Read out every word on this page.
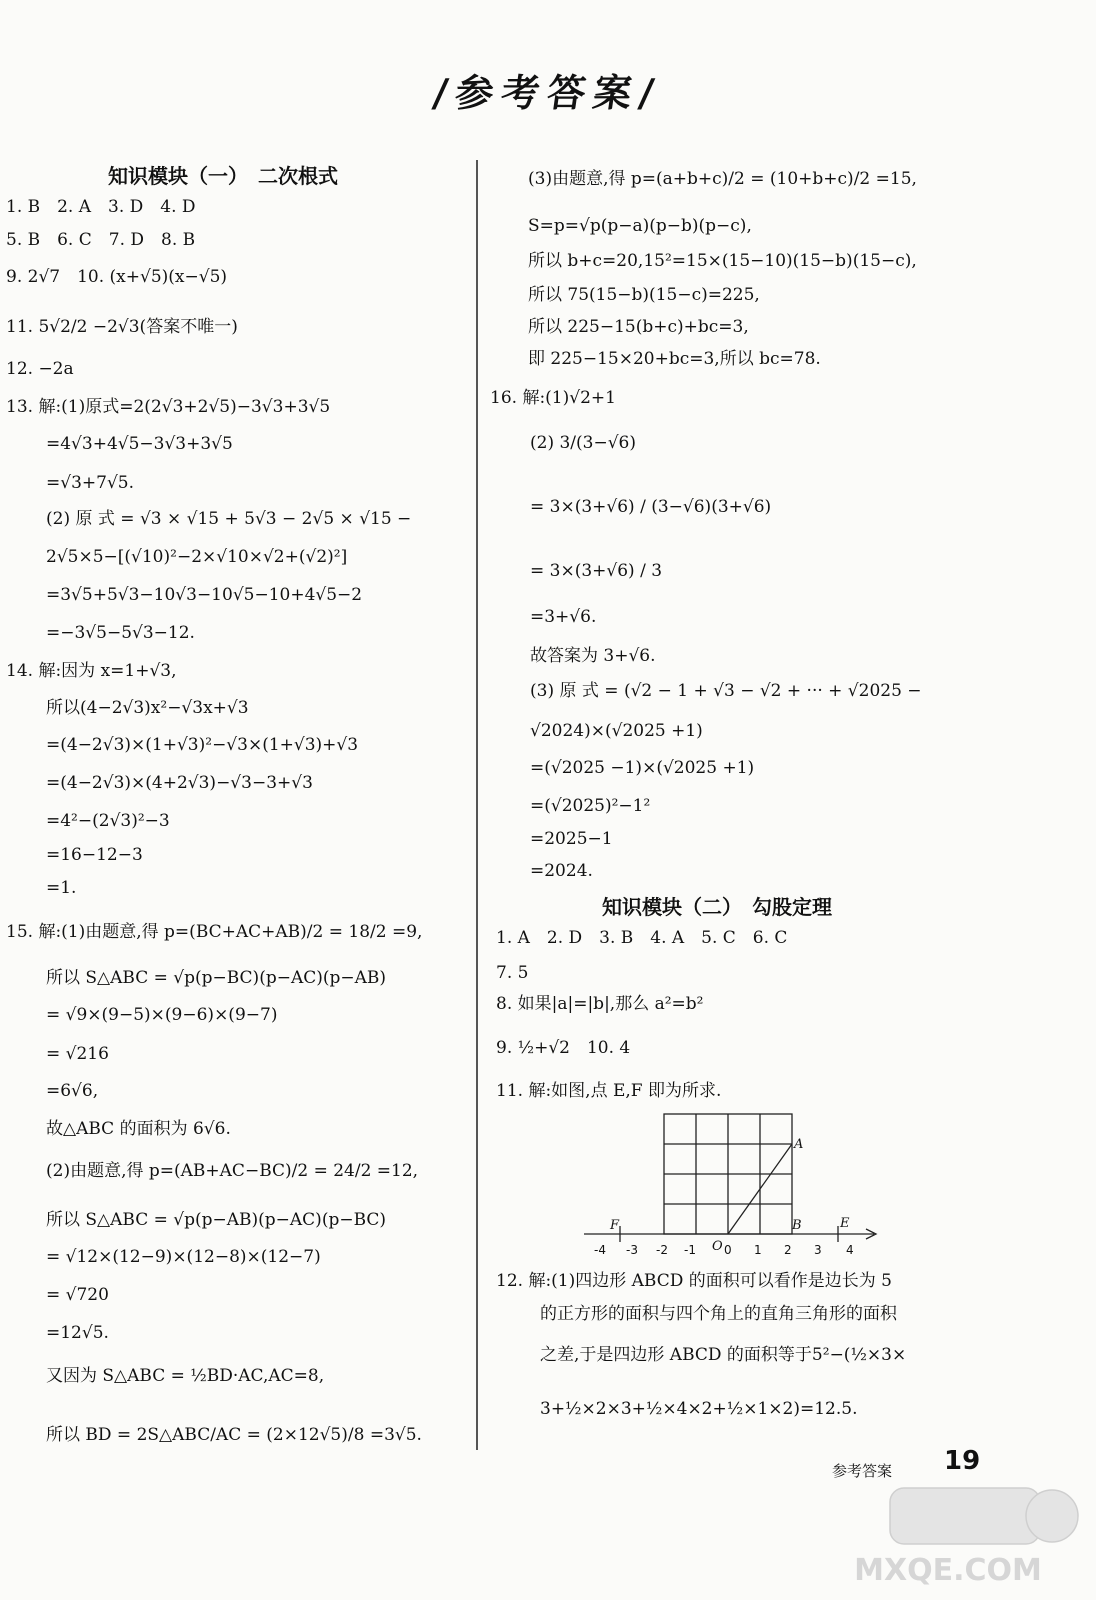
/参考答案/
知识模块（一）　二次根式
知识模块（二）　勾股定理
1. B　2. A　3. D　4. D
5. B　6. C　7. D　8. B
9. 2√7　10. (x+√5)(x−√5)
11. 5√2/2 −2√3(答案不唯一)
12. −2a
13. 解:(1)原式=2(2√3+2√5)−3√3+3√5
=4√3+4√5−3√3+3√5
=√3+7√5.
(2) 原 式 = √3 × √15 + 5√3 − 2√5 × √15 −
2√5×5−[(√10)²−2×√10×√2+(√2)²]
=3√5+5√3−10√3−10√5−10+4√5−2
=−3√5−5√3−12.
14. 解:因为 x=1+√3,
所以(4−2√3)x²−√3x+√3
=(4−2√3)×(1+√3)²−√3×(1+√3)+√3
=(4−2√3)×(4+2√3)−√3−3+√3
=4²−(2√3)²−3
=16−12−3
=1.
15. 解:(1)由题意,得 p=(BC+AC+AB)/2 = 18/2 =9,
所以 S△ABC = √p(p−BC)(p−AC)(p−AB)
= √9×(9−5)×(9−6)×(9−7)
= √216
=6√6,
故△ABC 的面积为 6√6.
(2)由题意,得 p=(AB+AC−BC)/2 = 24/2 =12,
所以 S△ABC = √p(p−AB)(p−AC)(p−BC)
= √12×(12−9)×(12−8)×(12−7)
= √720
=12√5.
又因为 S△ABC = ½BD·AC,AC=8,
所以 BD = 2S△ABC/AC = (2×12√5)/8 =3√5.
(3)由题意,得 p=(a+b+c)/2 = (10+b+c)/2 =15,
S=p=√p(p−a)(p−b)(p−c),
所以 b+c=20,15²=15×(15−10)(15−b)(15−c),
所以 75(15−b)(15−c)=225,
所以 225−15(b+c)+bc=3,
即 225−15×20+bc=3,所以 bc=78.
16. 解:(1)√2+1
(2) 3/(3−√6)
= 3×(3+√6) / (3−√6)(3+√6)
= 3×(3+√6) / 3
=3+√6.
故答案为 3+√6.
(3) 原 式 = (√2 − 1 + √3 − √2 + ··· + √2025 −
√2024)×(√2025 +1)
=(√2025 −1)×(√2025 +1)
=(√2025)²−1²
=2025−1
=2024.
1. A　2. D　3. B　4. A　5. C　6. C
7. 5
8. 如果|a|=|b|,那么 a²=b²
9. ½+√2　10. 4
11. 解:如图,点 E,F 即为所求.
12. 解:(1)四边形 ABCD 的面积可以看作是边长为 5
的正方形的面积与四个角上的直角三角形的面积
之差,于是四边形 ABCD 的面积等于5²−(½×3×
3+½×2×3+½×4×2+½×1×2)=12.5.
A
B	E
F
O
-4 -3 -2 -1 0 1 2 3 4
参考答案 19
MXQE.COM
